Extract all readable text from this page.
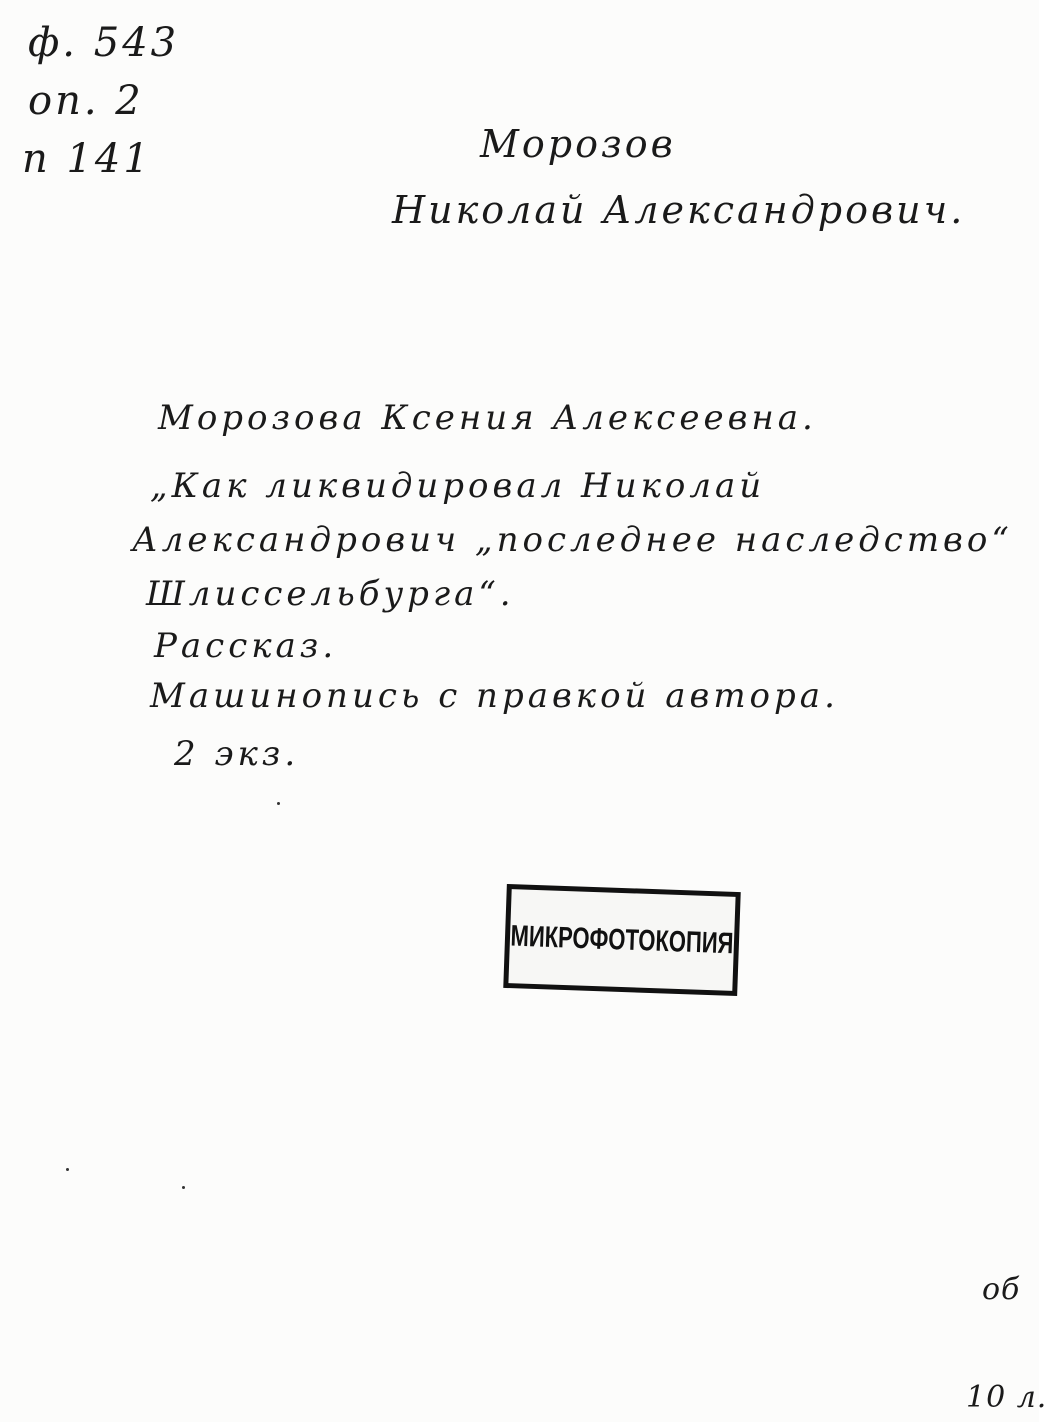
ф. 543
оп. 2
п 141	Морозов
Николай Александрович.
Морозова Ксения Алексеевна.
„Как ликвидировал Николай
Александрович „последнее наследство“
Шлиссельбурга“.
Рассказ.
Машинопись с правкой автора.
2 экз.
МИКРОФОТОКОПИЯ
об
10 л.
